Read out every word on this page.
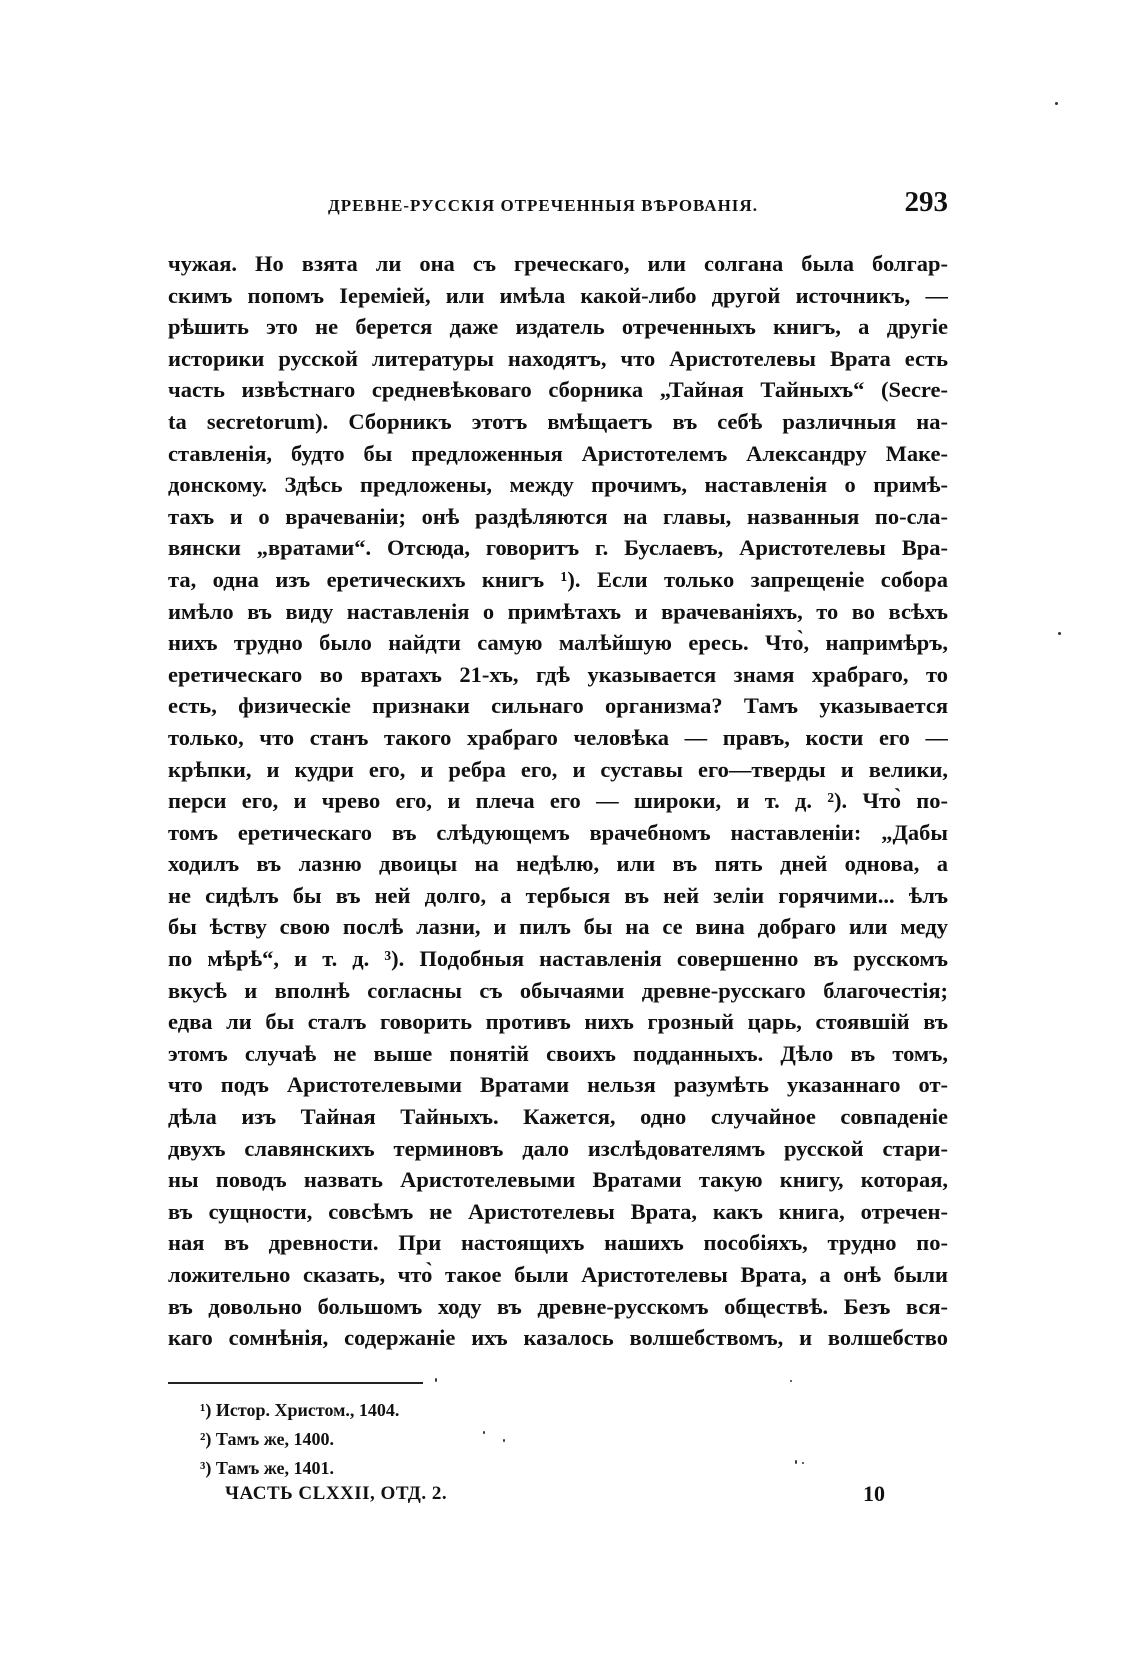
ДРЕВНЕ-РУССКІЯ ОТРЕЧЕННЫЯ ВѢРОВАНІЯ.	293
чужая. Но взята ли она съ греческаго, или солгана была болгар-
скимъ попомъ Іереміей, или имѣла какой-либо другой источникъ, —
рѣшить это не берется даже издатель отреченныхъ книгъ, а другіе
историки русской литературы находятъ, что Аристотелевы Врата есть
часть извѣстнаго средневѣковаго сборника „Тайная Тайныхъ“ (Secre-
ta secretorum). Сборникъ этотъ вмѣщаетъ въ себѣ различныя на-
ставленія, будто бы предложенныя Аристотелемъ Александру Маке-
донскому. Здѣсь предложены, между прочимъ, наставленія о примѣ-
тахъ и о врачеваніи; онѣ раздѣляются на главы, названныя по-сла-
вянски „вратами“. Отсюда, говоритъ г. Буслаевъ, Аристотелевы Вра-
та, одна изъ еретическихъ книгъ ¹). Если только запрещеніе собора
имѣло въ виду наставленія о примѣтахъ и врачеваніяхъ, то во всѣхъ
нихъ трудно было найдти самую малѣйшую ересь. Что̀, напримѣръ,
еретическаго во вратахъ 21-хъ, гдѣ указывается знамя храбраго, то
есть, физическіе признаки сильнаго организма? Тамъ указывается
только, что станъ такого храбраго человѣка — правъ, кости его —
крѣпки, и кудри его, и ребра его, и суставы его—тверды и велики,
перси его, и чрево его, и плеча его — широки, и т. д. ²). Что̀ по-
томъ еретическаго въ слѣдующемъ врачебномъ наставленіи: „Дабы
ходилъ въ лазню двоицы на недѣлю, или въ пять дней однова, а
не сидѣлъ бы въ ней долго, а тербыся въ ней зеліи горячими... ѣлъ
бы ѣству свою послѣ лазни, и пилъ бы на се вина добраго или меду
по мѣрѣ“, и т. д. ³). Подобныя наставленія совершенно въ русскомъ
вкусѣ и вполнѣ согласны съ обычаями древне-русскаго благочестія;
едва ли бы сталъ говорить противъ нихъ грозный царь, стоявшій въ
этомъ случаѣ не выше понятій своихъ подданныхъ. Дѣло въ томъ,
что подъ Аристотелевыми Вратами нельзя разумѣть указаннаго от-
дѣла изъ Тайная Тайныхъ. Кажется, одно случайное совпаденіе
двухъ славянскихъ терминовъ дало изслѣдователямъ русской стари-
ны поводъ назвать Аристотелевыми Вратами такую книгу, которая,
въ сущности, совсѣмъ не Аристотелевы Врата, какъ книга, отречен-
ная въ древности. При настоящихъ нашихъ пособіяхъ, трудно по-
ложительно сказать, что̀ такое были Аристотелевы Врата, а онѣ были
въ довольно большомъ ходу въ древне-русскомъ обществѣ. Безъ вся-
каго сомнѣнія, содержаніе ихъ казалось волшебствомъ, и волшебство
¹) Истор. Христом., 1404.
²) Тамъ же, 1400.
³) Тамъ же, 1401.
ЧАСТЬ CLXXII, ОТД. 2.	10
